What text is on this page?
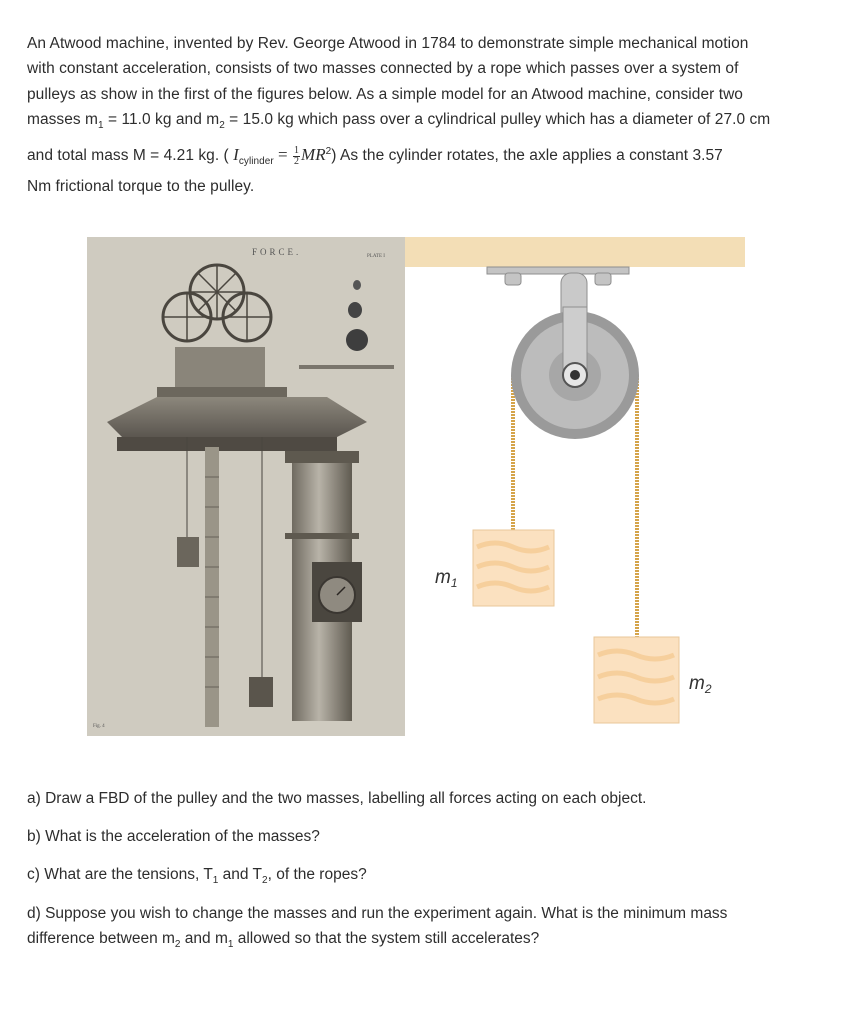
An Atwood machine, invented by Rev. George Atwood in 1784 to demonstrate simple mechanical motion
with constant acceleration, consists of two masses connected by a rope which passes over a system of
pulleys as show in the first of the figures below. As a simple model for an Atwood machine, consider two
masses $m_1 = 11.0$ kg and $m_2 = 15.0$ kg which pass over a cylindrical pulley which has a diameter of 27.0 cm
and total mass M = 4.21 kg. ( $I_{cylinder} = \frac{1}{2} MR^2$) As the cylinder rotates, the axle applies a constant 3.57
Nm frictional torque to the pulley.
FORCE.	PLATE I
Fig. 4
$m_1$
$m_2$
a) Draw a FBD of the pulley and the two masses, labelling all forces acting on each object.
b) What is the acceleration of the masses?
c) What are the tensions, $T_1$ and $T_2$, of the ropes?
d) Suppose you wish to change the masses and run the experiment again. What is the minimum mass
difference between $m_2$ and $m_1$ allowed so that the system still accelerates?
